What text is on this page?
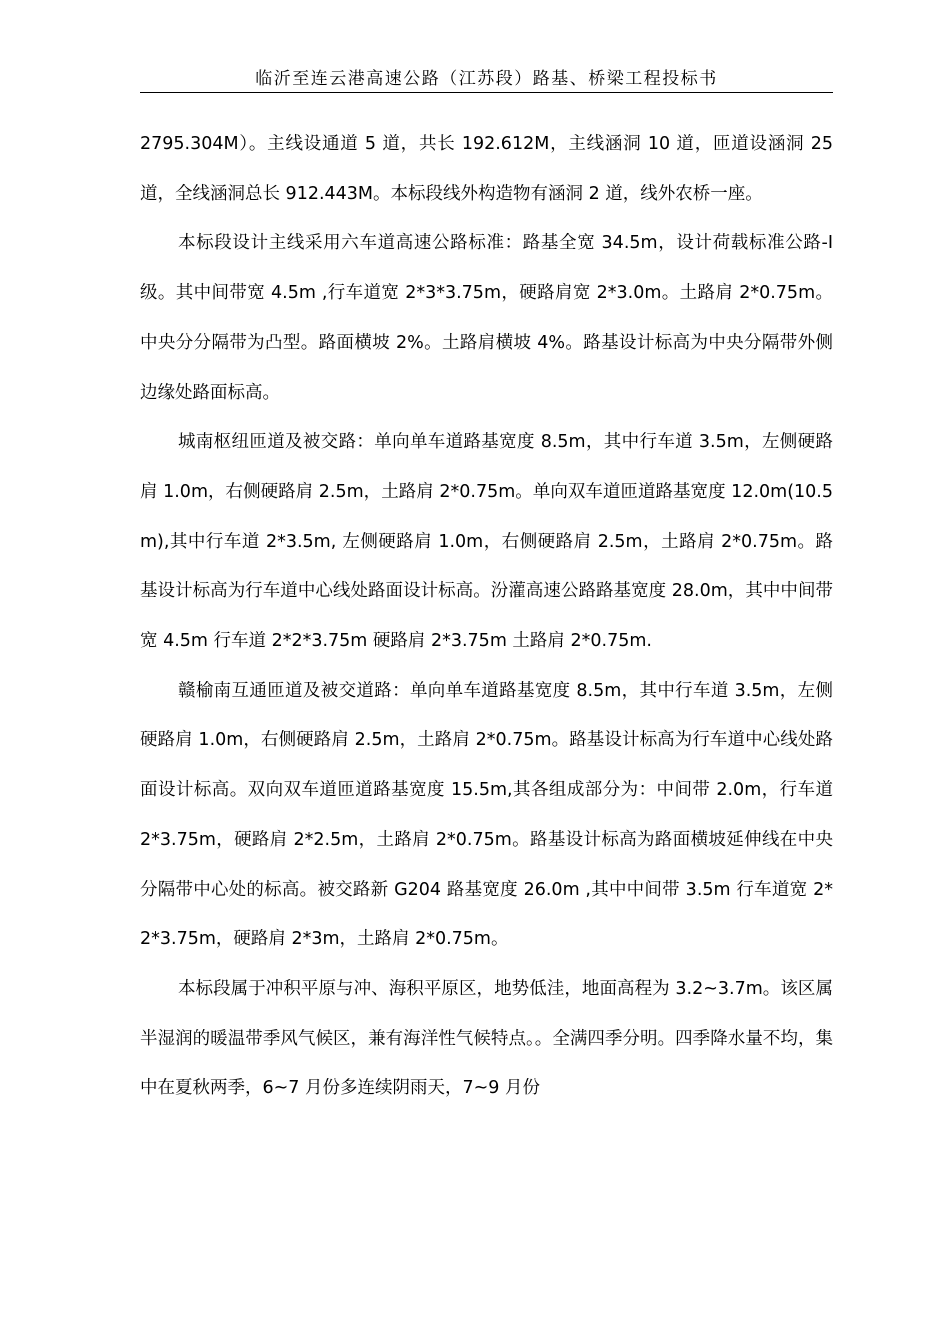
临沂至连云港高速公路（江苏段）路基、桥梁工程投标书

2795.304M）。主线设通道 5 道，共长 192.612M，主线涵洞 10 道，匝道设涵洞 25 道，全线涵洞总长 912.443M。本标段线外构造物有涵洞 2 道，线外农桥一座。

本标段设计主线采用六车道高速公路标准：路基全宽 34.5m，设计荷载标准公路-I 级。其中间带宽 4.5m ,行车道宽 2*3*3.75m，硬路肩宽 2*3.0m。土路肩 2*0.75m。中央分分隔带为凸型。路面横坡 2%。土路肩横坡 4%。路基设计标高为中央分隔带外侧边缘处路面标高。

城南枢纽匝道及被交路：单向单车道路基宽度 8.5m，其中行车道 3.5m，左侧硬路肩 1.0m，右侧硬路肩 2.5m，土路肩 2*0.75m。单向双车道匝道路基宽度 12.0m(10.5m),其中行车道 2*3.5m, 左侧硬路肩 1.0m，右侧硬路肩 2.5m，土路肩 2*0.75m。路基设计标高为行车道中心线处路面设计标高。汾灌高速公路路基宽度 28.0m，其中中间带宽 4.5m 行车道 2*2*3.75m 硬路肩 2*3.75m 土路肩 2*0.75m.

赣榆南互通匝道及被交道路：单向单车道路基宽度 8.5m，其中行车道 3.5m，左侧硬路肩 1.0m，右侧硬路肩 2.5m，土路肩 2*0.75m。路基设计标高为行车道中心线处路面设计标高。双向双车道匝道路基宽度 15.5m,其各组成部分为：中间带 2.0m，行车道 2*3.75m，硬路肩 2*2.5m，土路肩 2*0.75m。路基设计标高为路面横坡延伸线在中央分隔带中心处的标高。被交路新 G204 路基宽度 26.0m ,其中中间带 3.5m 行车道宽 2*2*3.75m，硬路肩 2*3m，土路肩 2*0.75m。

本标段属于冲积平原与冲、海积平原区，地势低洼，地面高程为 3.2~3.7m。该区属半湿润的暖温带季风气候区，兼有海洋性气候特点。。全满四季分明。四季降水量不均，集中在夏秋两季，6~7 月份多连续阴雨天，7~9 月份
